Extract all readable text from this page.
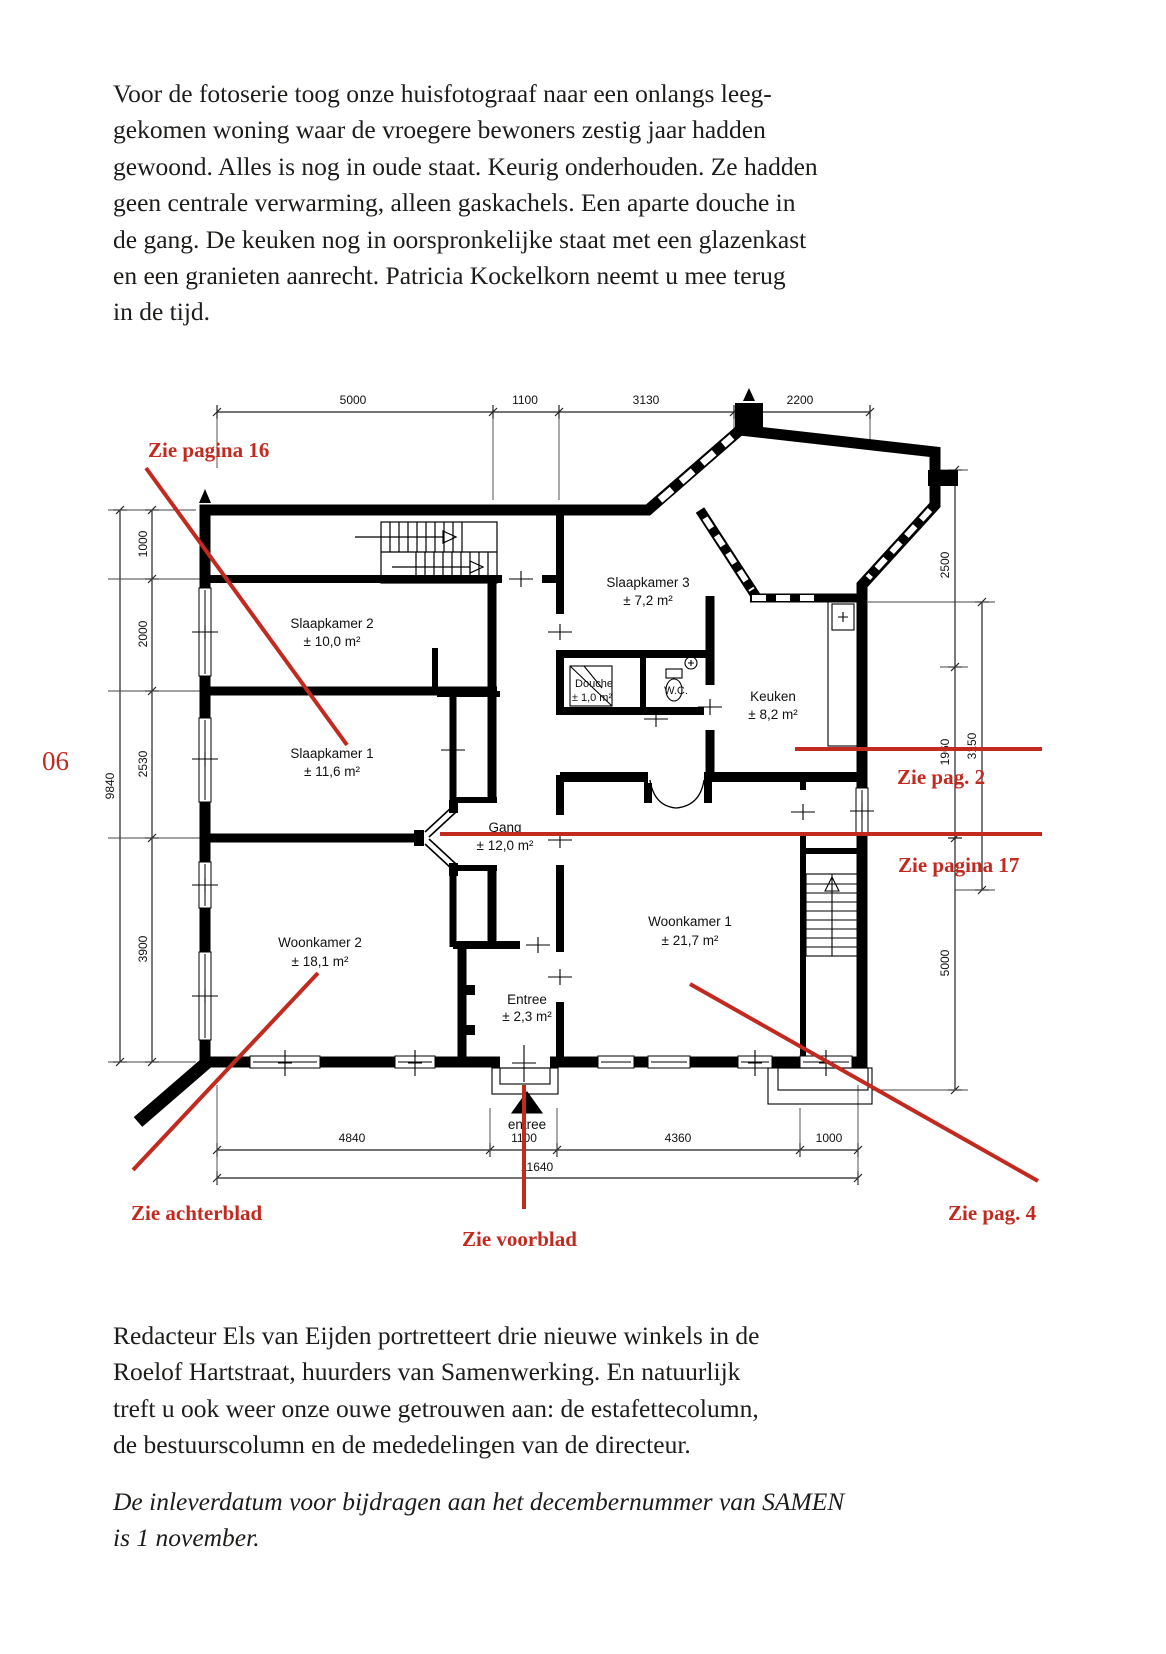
06
Voor de fotoserie toog onze huisfotograaf naar een onlangs leeg-
gekomen woning waar de vroegere bewoners zestig jaar hadden
gewoond. Alles is nog in oude staat. Keurig onderhouden. Ze hadden
geen centrale verwarming, alleen gaskachels. Een aparte douche in
de gang. De keuken nog in oorspronkelijke staat met een glazenkast
en een granieten aanrecht. Patricia Kockelkorn neemt u mee terug
in de tijd.
5000	1100	3130	2200
4840	1100	4360	1000
11640
1000
2000
2530
3900
9840
2500
1960
5000
3150
Slaapkamer 2
± 10,0 m²
Slaapkamer 1
± 11,6 m²
Slaapkamer 3
± 7,2 m²
Douche
± 1,0 m²
W.C.	Keuken
± 8,2 m²
Gang
± 12,0 m²
Woonkamer 1
± 21,7 m²
Woonkamer 2
± 18,1 m²
Entree
± 2,3 m²
entree
Zie pagina 16
Zie pag. 2
Zie pagina 17
Zie achterblad
Zie voorblad
Zie pag. 4
Redacteur Els van Eijden portretteert drie nieuwe winkels in de
Roelof Hartstraat, huurders van Samenwerking. En natuurlijk
treft u ook weer onze ouwe getrouwen aan: de estafettecolumn,
de bestuurscolumn en de mededelingen van de directeur.
De inleverdatum voor bijdragen aan het decembernummer van SAMEN
is 1 november.
